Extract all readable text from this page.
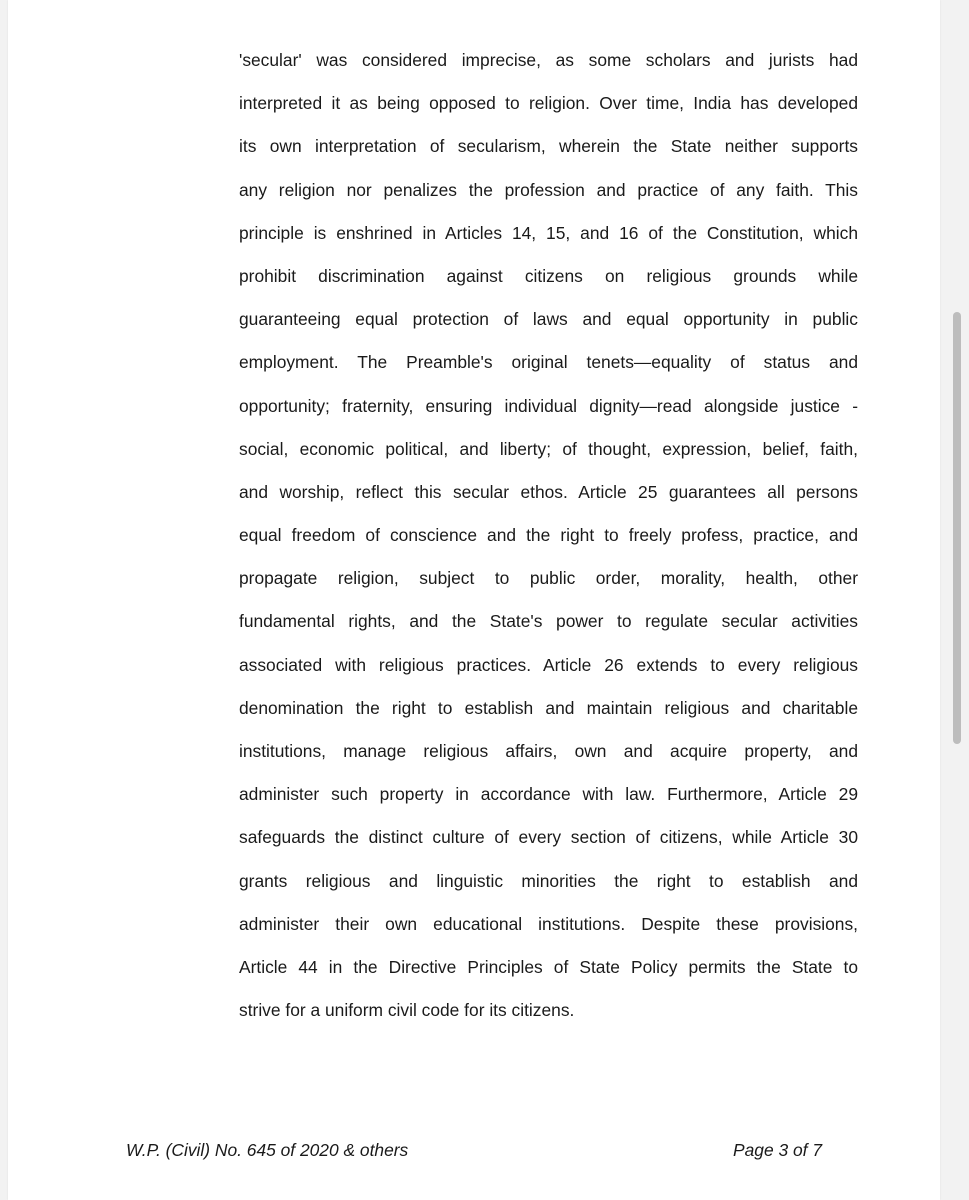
'secular' was considered imprecise, as some scholars and jurists had
interpreted it as being opposed to religion. Over time, India has developed
its own interpretation of secularism, wherein the State neither supports
any religion nor penalizes the profession and practice of any faith. This
principle is enshrined in Articles 14, 15, and 16 of the Constitution, which
prohibit discrimination against citizens on religious grounds while
guaranteeing equal protection of laws and equal opportunity in public
employment. The Preamble's original tenets—equality of status and
opportunity; fraternity, ensuring individual dignity—read alongside justice -
social, economic political, and liberty; of thought, expression, belief, faith,
and worship, reflect this secular ethos. Article 25 guarantees all persons
equal freedom of conscience and the right to freely profess, practice, and
propagate religion, subject to public order, morality, health, other
fundamental rights, and the State's power to regulate secular activities
associated with religious practices. Article 26 extends to every religious
denomination the right to establish and maintain religious and charitable
institutions, manage religious affairs, own and acquire property, and
administer such property in accordance with law. Furthermore, Article 29
safeguards the distinct culture of every section of citizens, while Article 30
grants religious and linguistic minorities the right to establish and
administer their own educational institutions. Despite these provisions,
Article 44 in the Directive Principles of State Policy permits the State to
strive for a uniform civil code for its citizens.
W.P. (Civil) No. 645 of 2020 & others	Page 3 of 7
